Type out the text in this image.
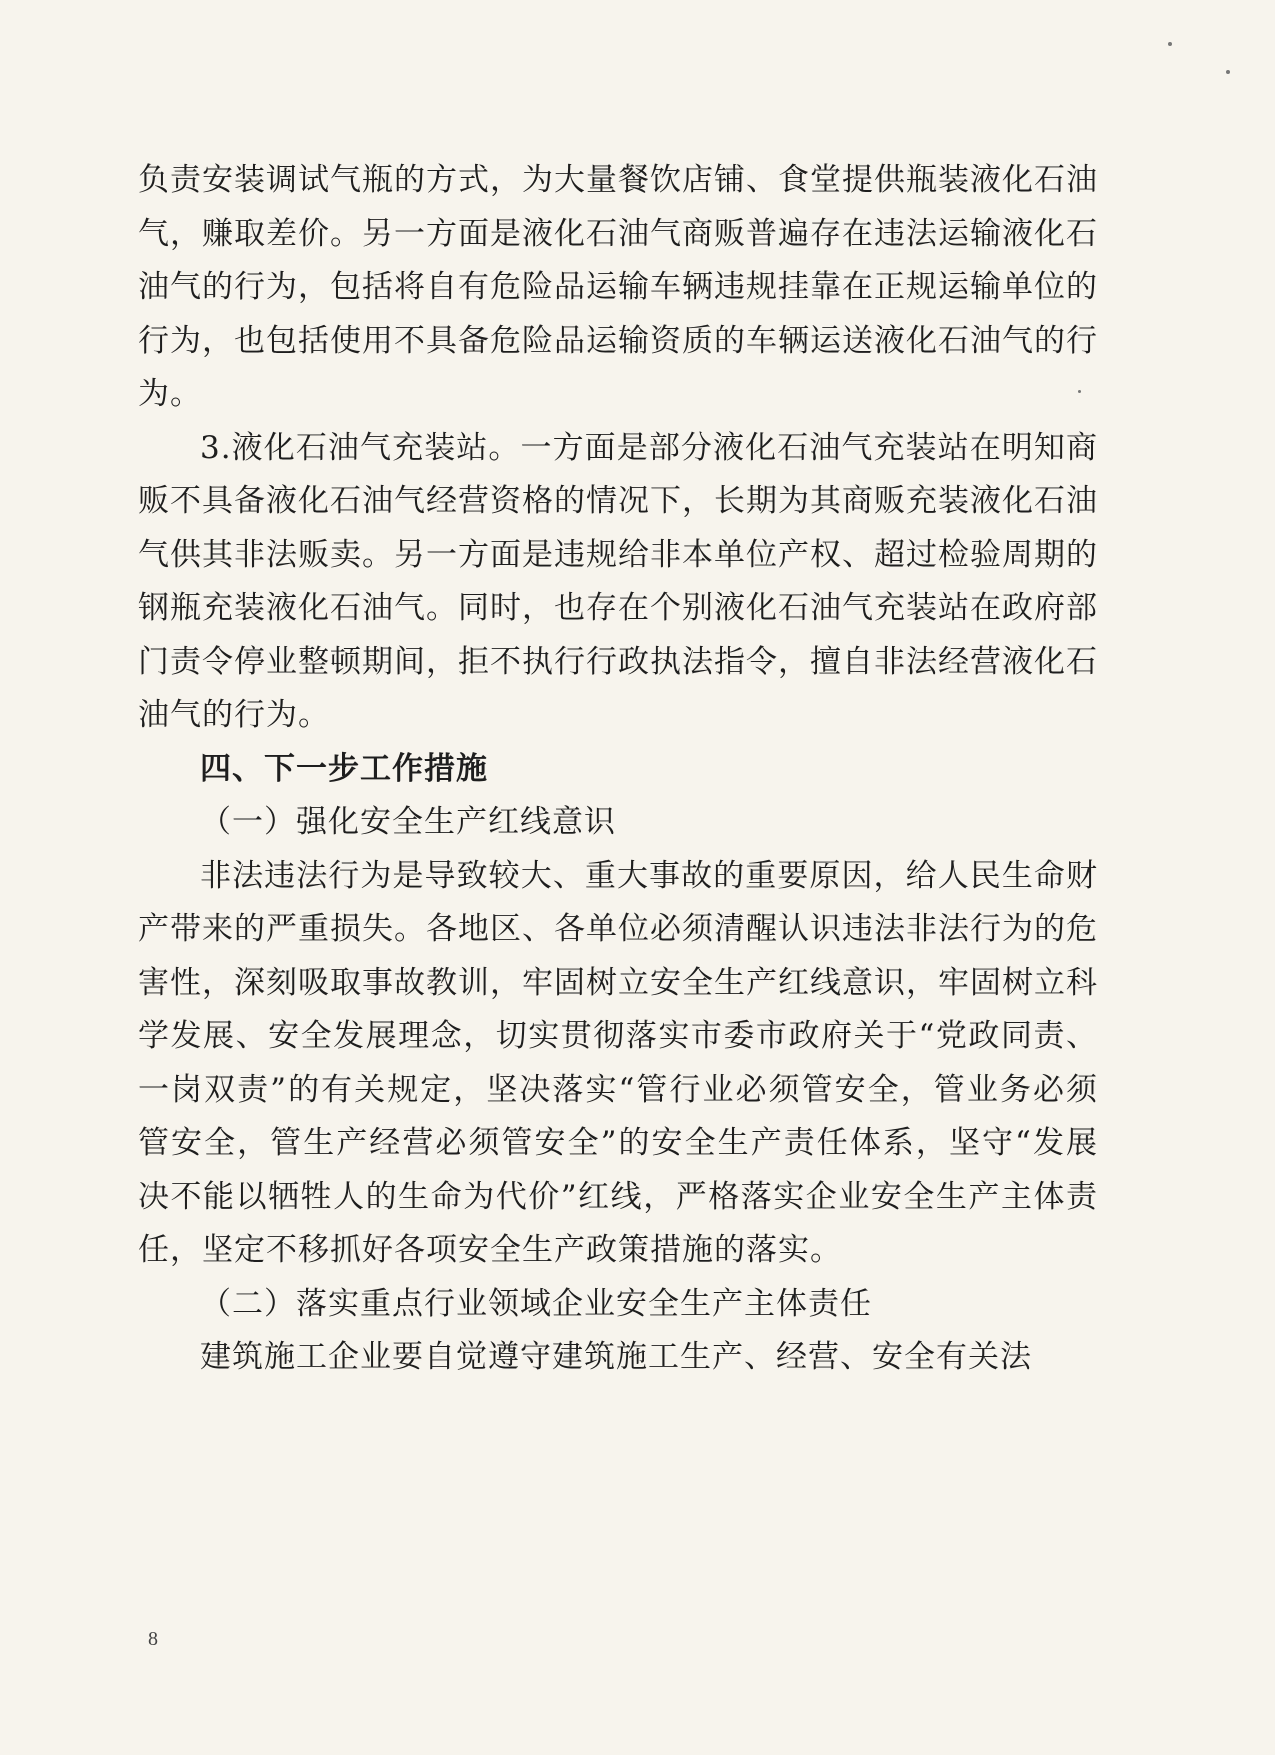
负责安装调试气瓶的方式，为大量餐饮店铺、食堂提供瓶装液化石油气，赚取差价。另一方面是液化石油气商贩普遍存在违法运输液化石油气的行为，包括将自有危险品运输车辆违规挂靠在正规运输单位的行为，也包括使用不具备危险品运输资质的车辆运送液化石油气的行为。

3.液化石油气充装站。一方面是部分液化石油气充装站在明知商贩不具备液化石油气经营资格的情况下，长期为其商贩充装液化石油气供其非法贩卖。另一方面是违规给非本单位产权、超过检验周期的钢瓶充装液化石油气。同时，也存在个别液化石油气充装站在政府部门责令停业整顿期间，拒不执行行政执法指令，擅自非法经营液化石油气的行为。

四、下一步工作措施

（一）强化安全生产红线意识

非法违法行为是导致较大、重大事故的重要原因，给人民生命财产带来的严重损失。各地区、各单位必须清醒认识违法非法行为的危害性，深刻吸取事故教训，牢固树立安全生产红线意识，牢固树立科学发展、安全发展理念，切实贯彻落实市委市政府关于“党政同责、一岗双责”的有关规定，坚决落实“管行业必须管安全，管业务必须管安全，管生产经营必须管安全”的安全生产责任体系，坚守“发展决不能以牺牲人的生命为代价”红线，严格落实企业安全生产主体责任，坚定不移抓好各项安全生产政策措施的落实。

（二）落实重点行业领域企业安全生产主体责任

建筑施工企业要自觉遵守建筑施工生产、经营、安全有关法

8
